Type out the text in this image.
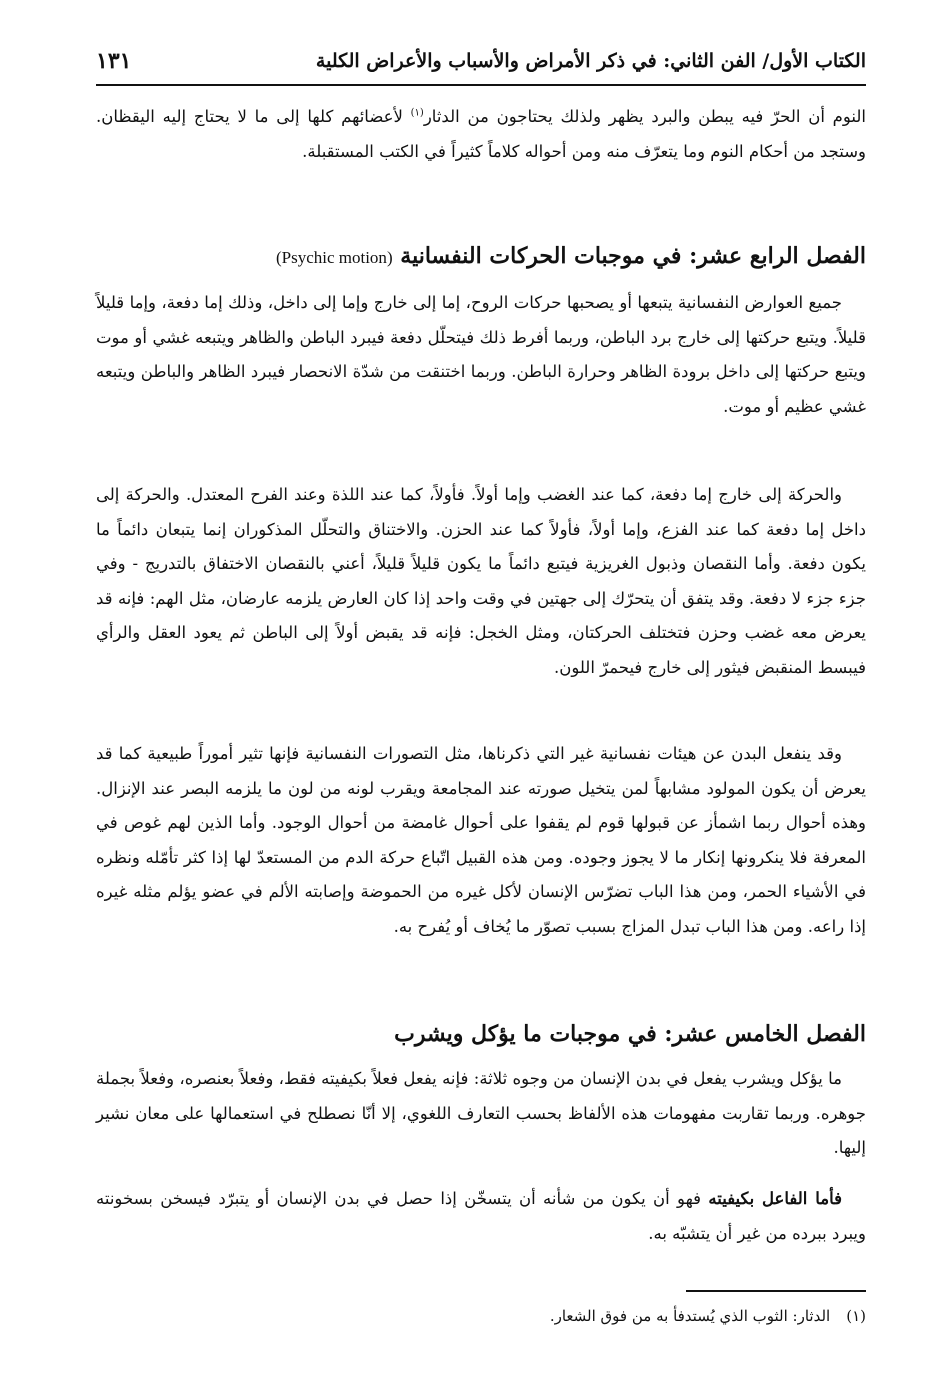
الكتاب الأول/ الفن الثاني: في ذكر الأمراض والأسباب والأعراض الكلية
١٣١

النوم أن الحرّ فيه يبطن والبرد يظهر ولذلك يحتاجون من الدثار$^{(١)}$ لأعضائهم كلها إلى ما لا يحتاج إليه اليقظان. وستجد من أحكام النوم وما يتعرّف منه ومن أحواله كلاماً كثيراً في الكتب المستقبلة.

الفصل الرابع عشر: في موجبات الحركات النفسانية (Psychic motion)

جميع العوارض النفسانية يتبعها أو يصحبها حركات الروح، إما إلى خارج وإما إلى داخل، وذلك إما دفعة، وإما قليلاً قليلاً. ويتبع حركتها إلى خارج برد الباطن، وربما أفرط ذلك فيتحلّل دفعة فيبرد الباطن والظاهر ويتبعه غشي أو موت ويتبع حركتها إلى داخل برودة الظاهر وحرارة الباطن. وربما اختنقت من شدّة الانحصار فيبرد الظاهر والباطن ويتبعه غشي عظيم أو موت.

والحركة إلى خارج إما دفعة، كما عند الغضب وإما أولاً. فأولاً، كما عند اللذة وعند الفرح المعتدل. والحركة إلى داخل إما دفعة كما عند الفزع، وإما أولاً، فأولاً كما عند الحزن. والاختناق والتحلّل المذكوران إنما يتبعان دائماً ما يكون دفعة. وأما النقصان وذبول الغريزية فيتبع دائماً ما يكون قليلاً قليلاً، أعني بالنقصان الاختفاق بالتدريج - وفي جزء جزء لا دفعة. وقد يتفق أن يتحرّك إلى جهتين في وقت واحد إذا كان العارض يلزمه عارضان، مثل الهم: فإنه قد يعرض معه غضب وحزن فتختلف الحركتان، ومثل الخجل: فإنه قد يقبض أولاً إلى الباطن ثم يعود العقل والرأي فيبسط المنقبض فيثور إلى خارج فيحمرّ اللون.

وقد ينفعل البدن عن هيئات نفسانية غير التي ذكرناها، مثل التصورات النفسانية فإنها تثير أموراً طبيعية كما قد يعرض أن يكون المولود مشابهاً لمن يتخيل صورته عند المجامعة ويقرب لونه من لون ما يلزمه البصر عند الإنزال. وهذه أحوال ربما اشمأز عن قبولها قوم لم يقفوا على أحوال غامضة من أحوال الوجود. وأما الذين لهم غوص في المعرفة فلا ينكرونها إنكار ما لا يجوز وجوده. ومن هذه القبيل اتّباع حركة الدم من المستعدّ لها إذا كثر تأمّله ونظره في الأشياء الحمر، ومن هذا الباب تضرّس الإنسان لأكل غيره من الحموضة وإصابته الألم في عضو يؤلم مثله غيره إذا راعه. ومن هذا الباب تبدل المزاج بسبب تصوّر ما يُخاف أو يُفرح به.

الفصل الخامس عشر: في موجبات ما يؤكل ويشرب

ما يؤكل ويشرب يفعل في بدن الإنسان من وجوه ثلاثة: فإنه يفعل فعلاً بكيفيته فقط، وفعلاً بعنصره، وفعلاً بجملة جوهره. وربما تقاربت مفهومات هذه الألفاظ بحسب التعارف اللغوي، إلا أنّا نصطلح في استعمالها على معان نشير إليها.

فأما الفاعل بكيفيته فهو أن يكون من شأنه أن يتسخّن إذا حصل في بدن الإنسان أو يتبرّد فيسخن بسخونته ويبرد ببرده من غير أن يتشبّه به.

(١)الدثار: الثوب الذي يُستدفأ به من فوق الشعار.
